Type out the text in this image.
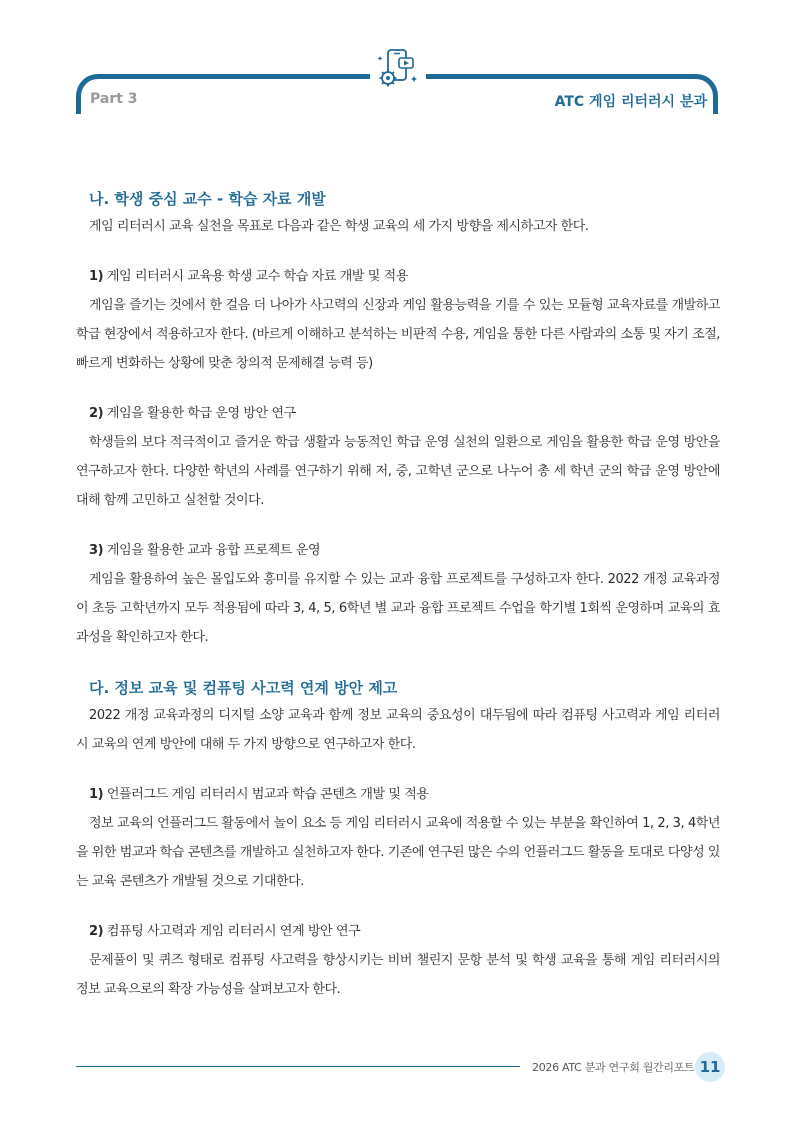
Part 3	ATC 게임 리터러시 분과

나. 학생 중심 교수 - 학습 자료 개발

게임 리터러시 교육 실천을 목표로 다음과 같은 학생 교육의 세 가지 방향을 제시하고자 한다.

1) 게임 리터러시 교육용 학생 교수 학습 자료 개발 및 적용

게임을 즐기는 것에서 한 걸음 더 나아가 사고력의 신장과 게임 활용능력을 기를 수 있는 모듈형 교육자료를 개발하고 학급 현장에서 적용하고자 한다. (바르게 이해하고 분석하는 비판적 수용, 게임을 통한 다른 사람과의 소통 및 자기 조절, 빠르게 변화하는 상황에 맞춘 창의적 문제해결 능력 등)

2) 게임을 활용한 학급 운영 방안 연구

학생들의 보다 적극적이고 즐거운 학급 생활과 능동적인 학급 운영 실천의 일환으로 게임을 활용한 학급 운영 방안을 연구하고자 한다. 다양한 학년의 사례를 연구하기 위해 저, 중, 고학년 군으로 나누어 총 세 학년 군의 학급 운영 방안에 대해 함께 고민하고 실천할 것이다.

3) 게임을 활용한 교과 융합 프로젝트 운영

게임을 활용하여 높은 몰입도와 흥미를 유지할 수 있는 교과 융합 프로젝트를 구성하고자 한다. 2022 개정 교육과정이 초등 고학년까지 모두 적용됨에 따라 3, 4, 5, 6학년 별 교과 융합 프로젝트 수업을 학기별 1회씩 운영하며 교육의 효과성을 확인하고자 한다.

다. 정보 교육 및 컴퓨팅 사고력 연계 방안 제고

2022 개정 교육과정의 디지털 소양 교육과 함께 정보 교육의 중요성이 대두됨에 따라 컴퓨팅 사고력과 게임 리터러시 교육의 연계 방안에 대해 두 가지 방향으로 연구하고자 한다.

1) 언플러그드 게임 리터러시 범교과 학습 콘텐츠 개발 및 적용

정보 교육의 언플러그드 활동에서 놀이 요소 등 게임 리터러시 교육에 적용할 수 있는 부분을 확인하여 1, 2, 3, 4학년을 위한 범교과 학습 콘텐츠를 개발하고 실천하고자 한다. 기존에 연구된 많은 수의 언플러그드 활동을 토대로 다양성 있는 교육 콘텐츠가 개발될 것으로 기대한다.

2) 컴퓨팅 사고력과 게임 리터러시 연계 방안 연구

문제풀이 및 퀴즈 형태로 컴퓨팅 사고력을 향상시키는 비버 챌린지 문항 분석 및 학생 교육을 통해 게임 리터러시의 정보 교육으로의 확장 가능성을 살펴보고자 한다.

2026 ATC 분과 연구회 월간리포트 11
